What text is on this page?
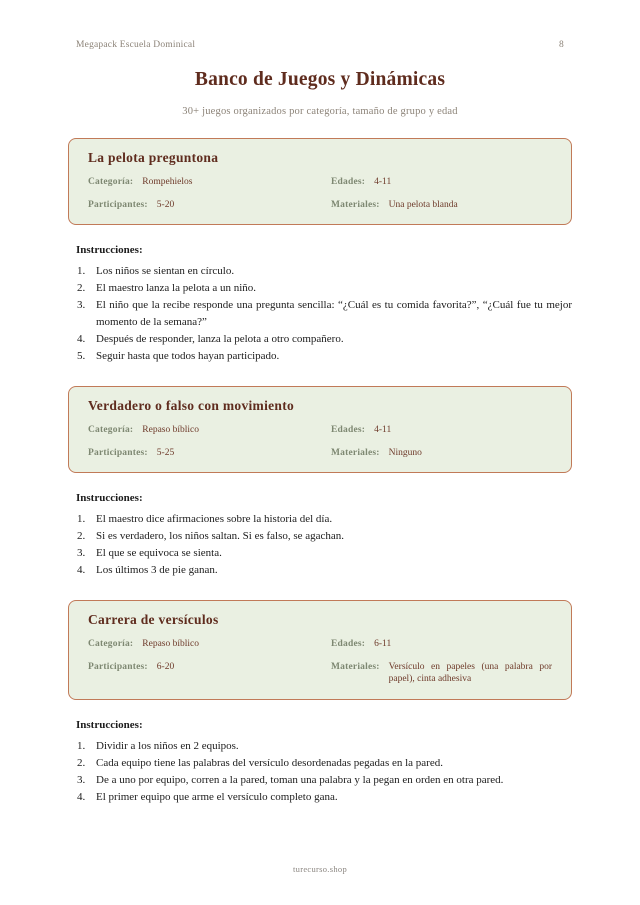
Megapack Escuela Dominical	8
Banco de Juegos y Dinámicas
30+ juegos organizados por categoría, tamaño de grupo y edad
La pelota preguntona
Categoría: Rompehielos	Edades: 4-11
Participantes: 5-20	Materiales: Una pelota blanda
Instrucciones:
Los niños se sientan en círculo.
El maestro lanza la pelota a un niño.
El niño que la recibe responde una pregunta sencilla: “¿Cuál es tu comida favorita?”, “¿Cuál fue tu mejor momento de la semana?”
Después de responder, lanza la pelota a otro compañero.
Seguir hasta que todos hayan participado.
Verdadero o falso con movimiento
Categoría: Repaso bíblico	Edades: 4-11
Participantes: 5-25	Materiales: Ninguno
Instrucciones:
El maestro dice afirmaciones sobre la historia del día.
Si es verdadero, los niños saltan. Si es falso, se agachan.
El que se equivoca se sienta.
Los últimos 3 de pie ganan.
Carrera de versículos
Categoría: Repaso bíblico	Edades: 6-11
Participantes: 6-20	Materiales: Versículo en papeles (una palabra por papel), cinta adhesiva
Instrucciones:
Dividir a los niños en 2 equipos.
Cada equipo tiene las palabras del versículo desordenadas pegadas en la pared.
De a uno por equipo, corren a la pared, toman una palabra y la pegan en orden en otra pared.
El primer equipo que arme el versículo completo gana.
turecurso.shop
